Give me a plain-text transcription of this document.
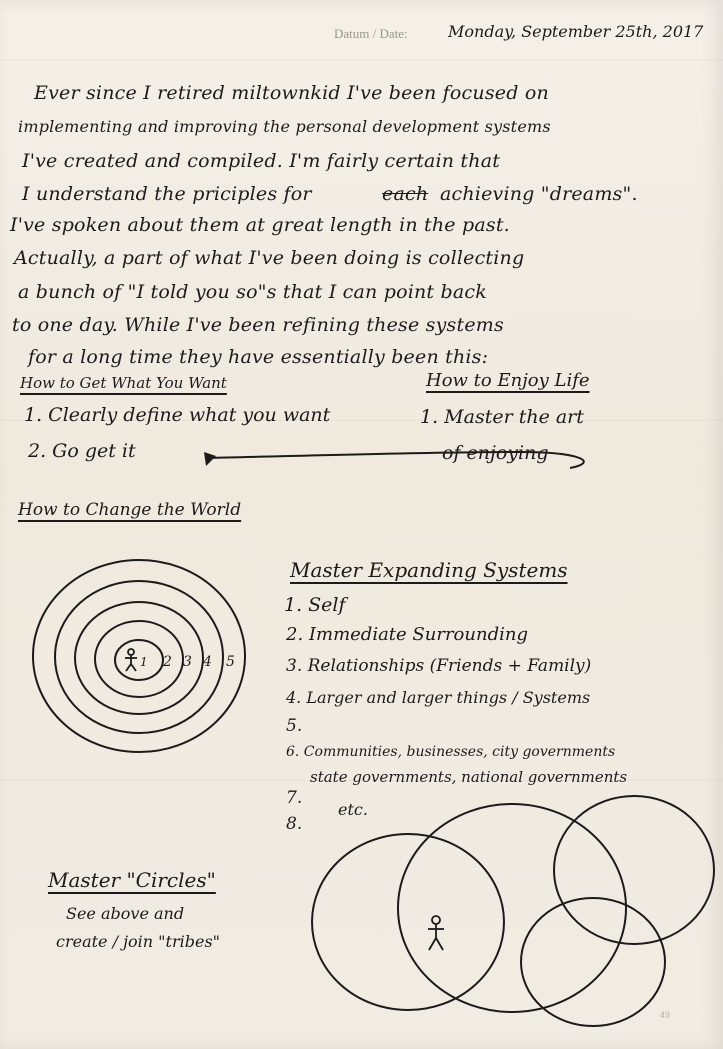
Datum / Date:	Monday, September 25th, 2017
Ever since I retired miltownkid I've been focused on
implementing and improving the personal development systems
I've created and compiled. I'm fairly certain that
I understand the priciples for	each achieving "dreams".
I've spoken about them at great length in the past.
Actually, a part of what I've been doing is collecting
a bunch of "I told you so"s that I can point back
to one day. While I've been refining these systems
for a long time they have essentially been this:
How to Get What You Want
1. Clearly define what you want
2. Go get it
How to Enjoy Life
1. Master the art
of enjoying
How to Change the World
Master Expanding Systems
1. Self
2. Immediate Surrounding
3. Relationships (Friends + Family)
4. Larger and larger things / Systems
5.
6. Communities, businesses, city governments
state governments, national governments
7.
etc.
8.
Master "Circles"
See above and
create / join "tribes"
1 2 3 4 5
49
